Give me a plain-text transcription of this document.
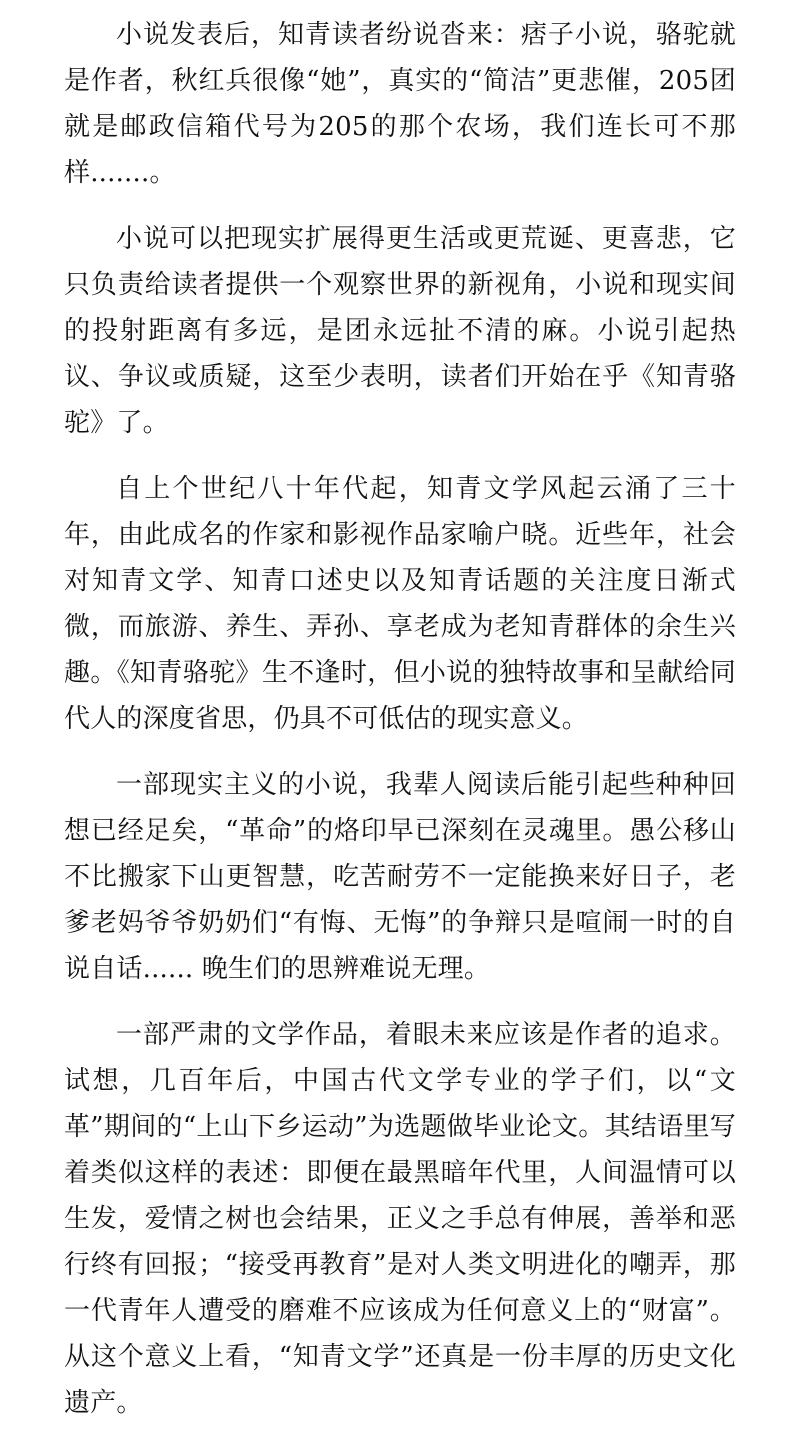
小说发表后，知青读者纷说沓来：痞子小说，骆驼就是作者，秋红兵很像“她”，真实的“简洁”更悲催，205团就是邮政信箱代号为205的那个农场，我们连长可不那样.......。

小说可以把现实扩展得更生活或更荒诞、更喜悲，它只负责给读者提供一个观察世界的新视角，小说和现实间的投射距离有多远，是团永远扯不清的麻。小说引起热议、争议或质疑，这至少表明，读者们开始在乎《知青骆驼》了。

自上个世纪八十年代起，知青文学风起云涌了三十年，由此成名的作家和影视作品家喻户晓。近些年，社会对知青文学、知青口述史以及知青话题的关注度日渐式微，而旅游、养生、弄孙、享老成为老知青群体的余生兴趣。《知青骆驼》生不逢时，但小说的独特故事和呈献给同代人的深度省思，仍具不可低估的现实意义。

一部现实主义的小说，我辈人阅读后能引起些种种回想已经足矣，“革命”的烙印早已深刻在灵魂里。愚公移山不比搬家下山更智慧，吃苦耐劳不一定能换来好日子，老爹老妈爷爷奶奶们“有悔、无悔”的争辩只是喧闹一时的自说自话...... 晚生们的思辨难说无理。

一部严肃的文学作品，着眼未来应该是作者的追求。试想，几百年后，中国古代文学专业的学子们，以“文革”期间的“上山下乡运动”为选题做毕业论文。其结语里写着类似这样的表述：即便在最黑暗年代里，人间温情可以生发，爱情之树也会结果，正义之手总有伸展，善举和恶行终有回报；“接受再教育”是对人类文明进化的嘲弄，那一代青年人遭受的磨难不应该成为任何意义上的“财富”。从这个意义上看，“知青文学”还真是一份丰厚的历史文化遗产。
